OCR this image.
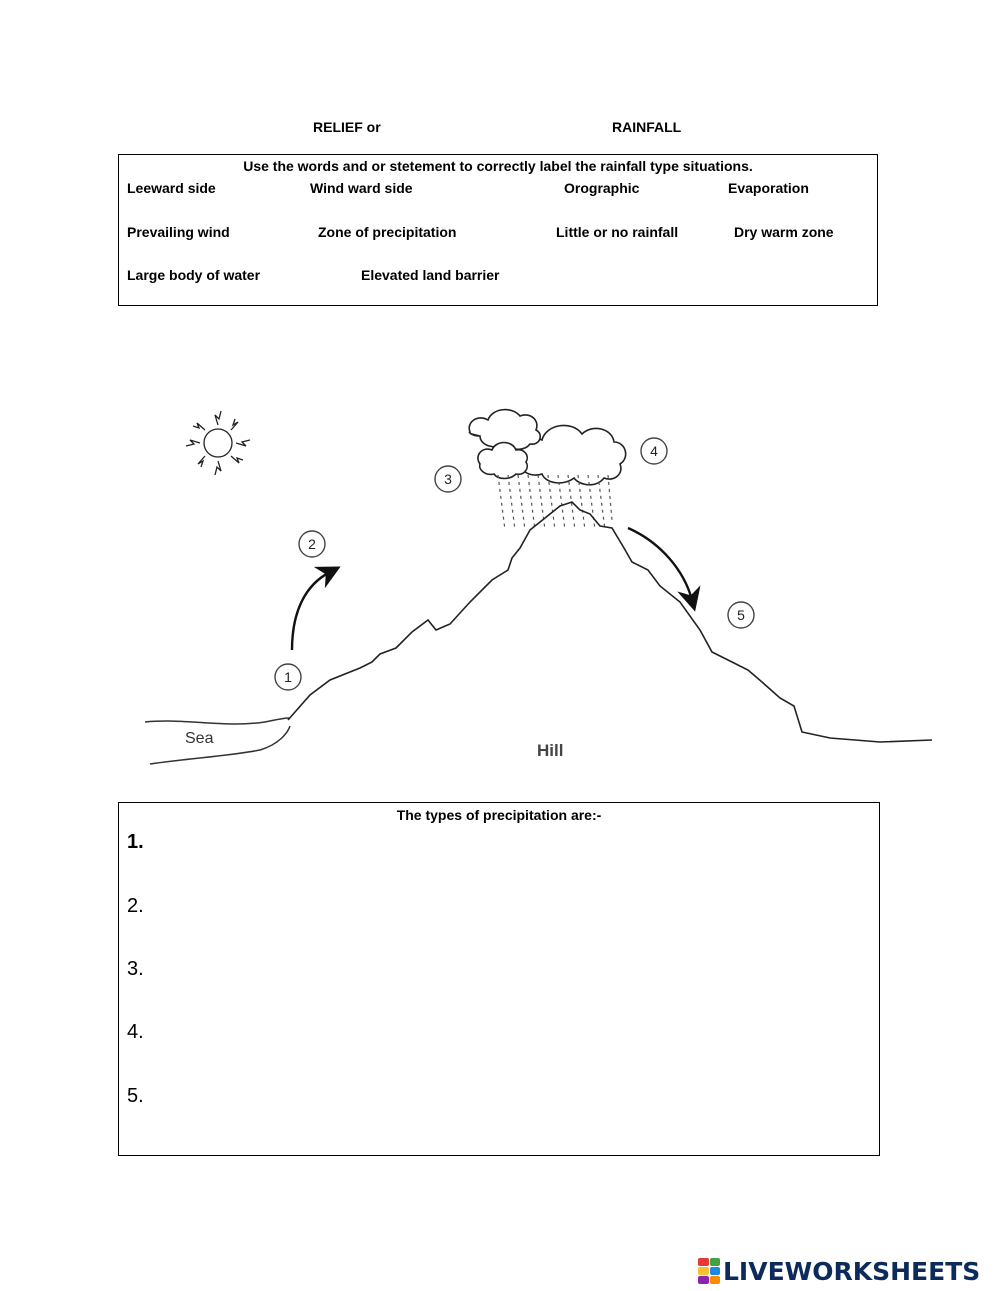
RELIEF or	RAINFALL
Use the words and or stetement to correctly label the rainfall type situations.
Leeward side	Wind ward side	Orographic	Evaporation
Prevailing wind	Zone of precipitation	Little or no rainfall	Dry warm zone
Large body of water	Elevated land barrier
1
2
3
4
5
Sea
Hill
The types of precipitation are:-
1.
2.
3.
4.
5.
LIVEWORKSHEETS
